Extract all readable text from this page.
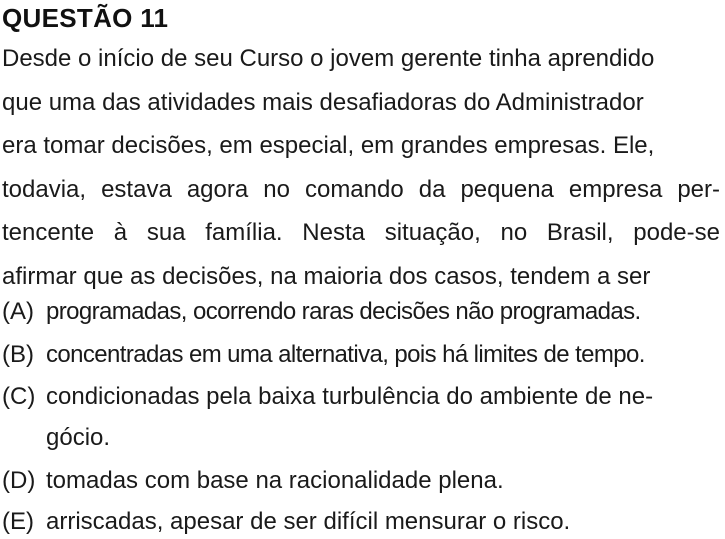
QUESTÃO 11
Desde o início de seu Curso o jovem gerente tinha aprendido
que uma das atividades mais desafiadoras do Administrador
era tomar decisões, em especial, em grandes empresas. Ele,
todavia, estava agora no comando da pequena empresa per-
tencente à sua família. Nesta situação, no Brasil, pode-se
afirmar que as decisões, na maioria dos casos, tendem a ser
(A) programadas, ocorrendo raras decisões não programadas.
(B) concentradas em uma alternativa, pois há limites de tempo.
(C) condicionadas pela baixa turbulência do ambiente de ne-
gócio.
(D) tomadas com base na racionalidade plena.
(E) arriscadas, apesar de ser difícil mensurar o risco.
